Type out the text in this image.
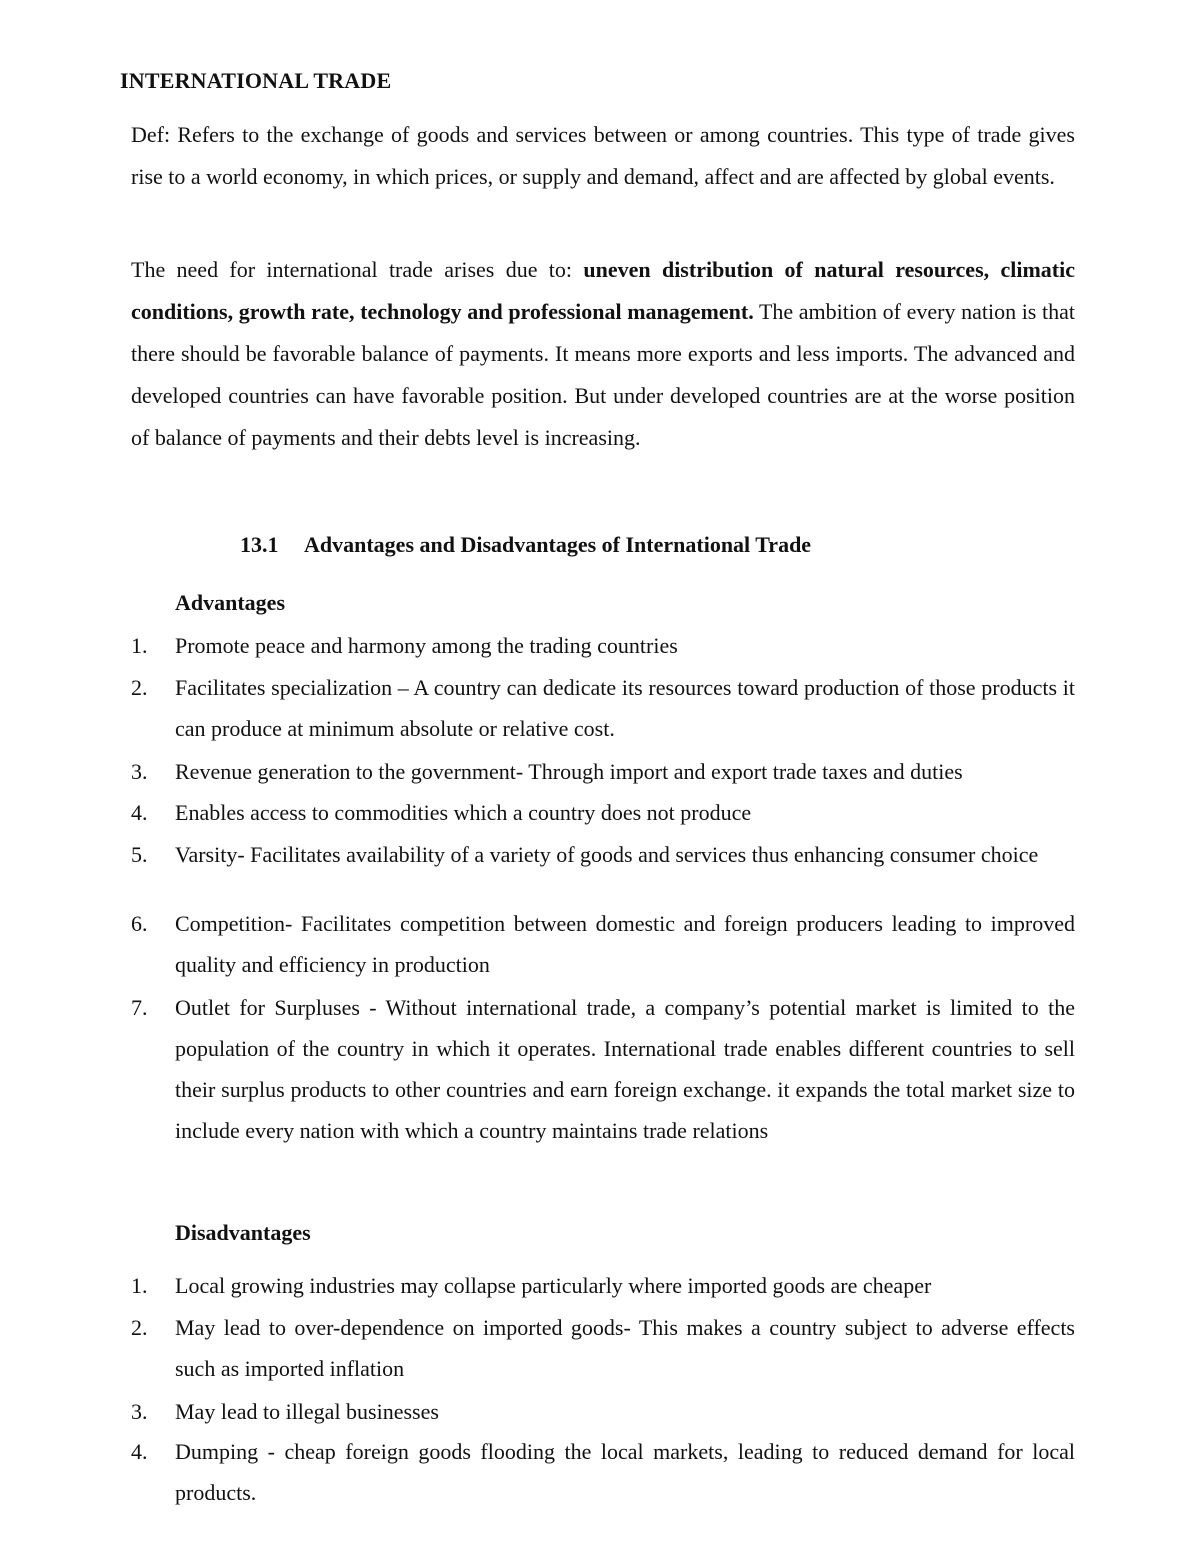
INTERNATIONAL TRADE

Def: Refers to the exchange of goods and services between or among countries. This type of trade gives rise to a world economy, in which prices, or supply and demand, affect and are affected by global events.

The need for international trade arises due to: uneven distribution of natural resources, climatic conditions, growth rate, technology and professional management. The ambition of every nation is that there should be favorable balance of payments. It means more exports and less imports. The advanced and developed countries can have favorable position. But under developed countries are at the worse position of balance of payments and their debts level is increasing.

13.1 Advantages and Disadvantages of International Trade
Advantages
1.	Promote peace and harmony among the trading countries
2.	Facilitates specialization – A country can dedicate its resources toward production of those products it can produce at minimum absolute or relative cost.
3.	Revenue generation to the government- Through import and export trade taxes and duties
4.	Enables access to commodities which a country does not produce
5.	Varsity- Facilitates availability of a variety of goods and services thus enhancing consumer choice
6.	Competition- Facilitates competition between domestic and foreign producers leading to improved quality and efficiency in production
7.	Outlet for Surpluses - Without international trade, a company’s potential market is limited to the population of the country in which it operates. International trade enables different countries to sell their surplus products to other countries and earn foreign exchange. it expands the total market size to include every nation with which a country maintains trade relations
Disadvantages
1.	Local growing industries may collapse particularly where imported goods are cheaper
2.	May lead to over-dependence on imported goods- This makes a country subject to adverse effects such as imported inflation
3.	May lead to illegal businesses
4.	Dumping - cheap foreign goods flooding the local markets, leading to reduced demand for local products.
